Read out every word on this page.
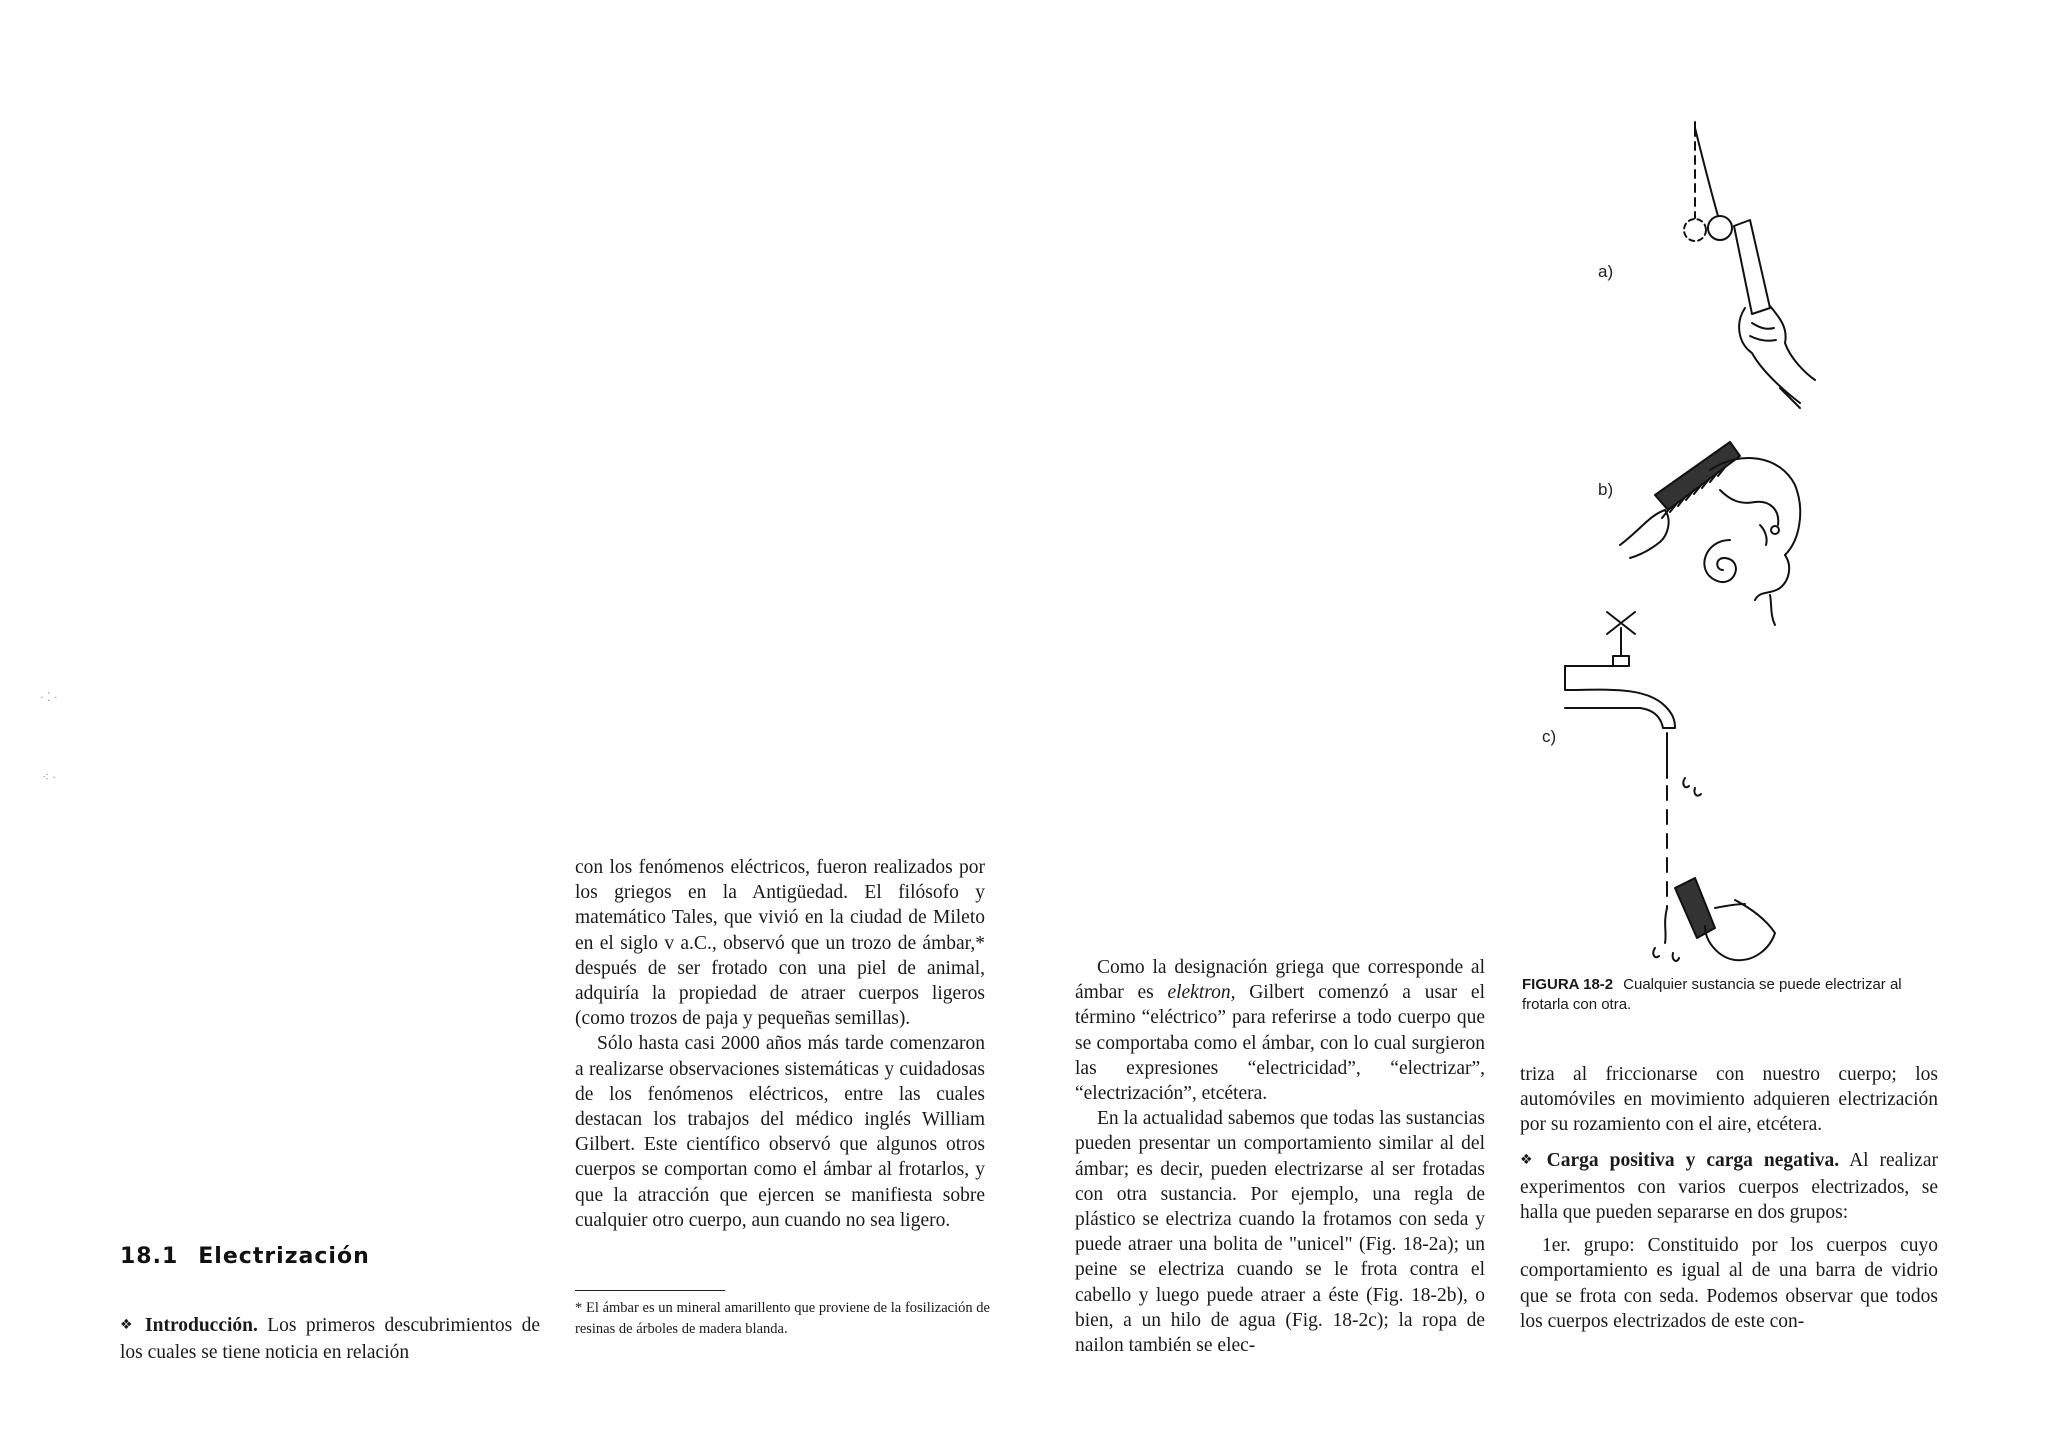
· ⁚ ·
⁖ ·
18.1 Electrización

❖ Introducción. Los primeros descubrimientos de los cuales se tiene noticia en relación

con los fenómenos eléctricos, fueron realizados por los griegos en la Antigüedad. El filósofo y matemático Tales, que vivió en la ciudad de Mileto en el siglo v a.C., observó que un trozo de ámbar,* después de ser frotado con una piel de animal, adquiría la propiedad de atraer cuerpos ligeros (como trozos de paja y pequeñas semillas).

Sólo hasta casi 2000 años más tarde comenzaron a realizarse observaciones sistemáticas y cuidadosas de los fenómenos eléctricos, entre las cuales destacan los trabajos del médico inglés William Gilbert. Este científico observó que algunos otros cuerpos se comportan como el ámbar al frotarlos, y que la atracción que ejercen se manifiesta sobre cualquier otro cuerpo, aun cuando no sea ligero.

* El ámbar es un mineral amarillento que proviene de la fosilización de resinas de árboles de madera blanda.

Como la designación griega que corresponde al ámbar es elektron, Gilbert comenzó a usar el término “eléctrico” para referirse a todo cuerpo que se comportaba como el ámbar, con lo cual surgieron las expresiones “electricidad”, “electrizar”, “electrización”, etcétera.

En la actualidad sabemos que todas las sustancias pueden presentar un comportamiento similar al del ámbar; es decir, pueden electrizarse al ser frotadas con otra sustancia. Por ejemplo, una regla de plástico se electriza cuando la frotamos con seda y puede atraer una bolita de "unicel" (Fig. 18-2a); un peine se electriza cuando se le frota contra el cabello y luego puede atraer a éste (Fig. 18-2b), o bien, a un hilo de agua (Fig. 18-2c); la ropa de nailon también se elec-

a)
b)
c)
FIGURA 18-2 Cualquier sustancia se puede electrizar al frotarla con otra.

triza al friccionarse con nuestro cuerpo; los automóviles en movimiento adquieren electrización por su rozamiento con el aire, etcétera.

❖ Carga positiva y carga negativa. Al realizar experimentos con varios cuerpos electrizados, se halla que pueden separarse en dos grupos:

1er. grupo: Constituido por los cuerpos cuyo comportamiento es igual al de una barra de vidrio que se frota con seda. Podemos observar que todos los cuerpos electrizados de este con-
